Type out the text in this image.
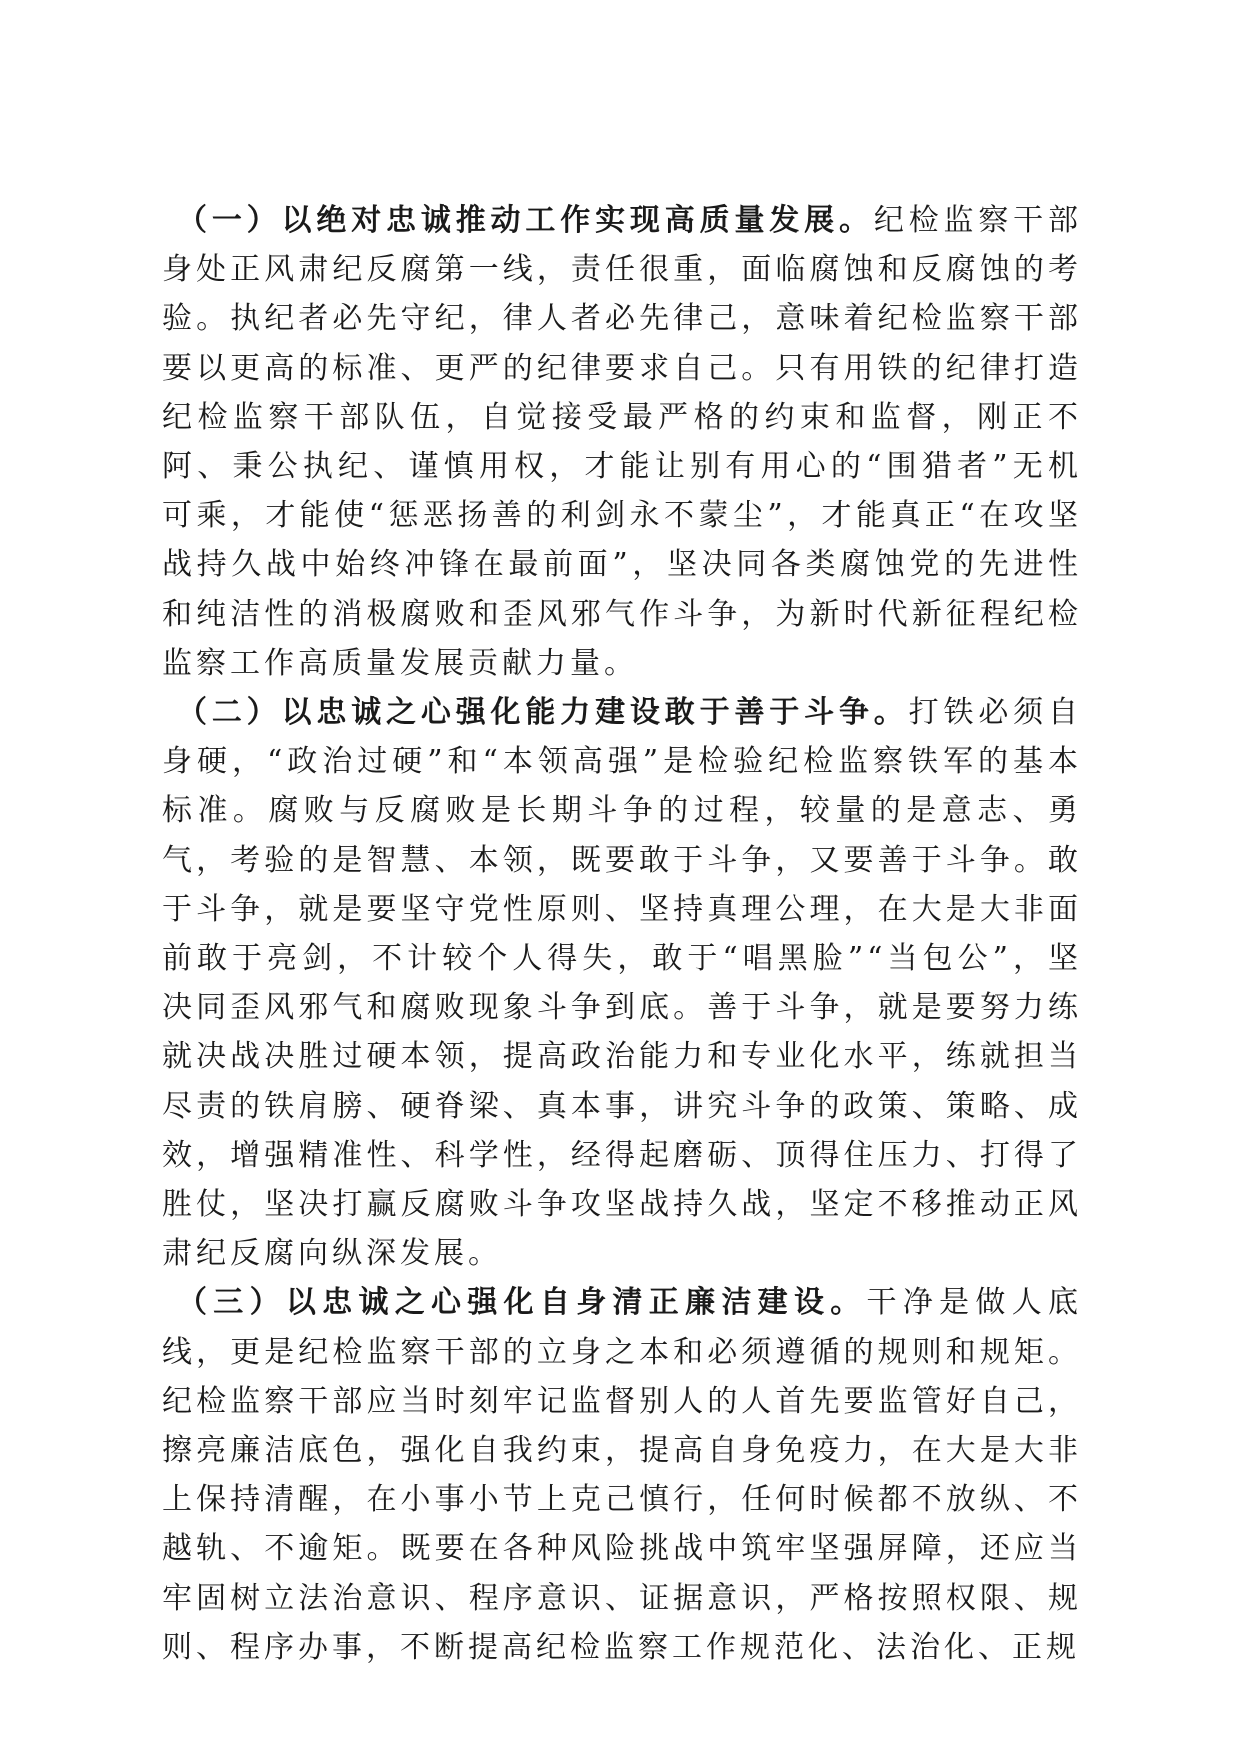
（一）以绝对忠诚推动工作实现高质量发展。纪检监察干部身处正风肃纪反腐第一线，责任很重，面临腐蚀和反腐蚀的考验。执纪者必先守纪，律人者必先律己，意味着纪检监察干部要以更高的标准、更严的纪律要求自己。只有用铁的纪律打造纪检监察干部队伍，自觉接受最严格的约束和监督，刚正不阿、秉公执纪、谨慎用权，才能让别有用心的“围猎者”无机可乘，才能使“惩恶扬善的利剑永不蒙尘”，才能真正“在攻坚战持久战中始终冲锋在最前面”，坚决同各类腐蚀党的先进性和纯洁性的消极腐败和歪风邪气作斗争，为新时代新征程纪检监察工作高质量发展贡献力量。

（二）以忠诚之心强化能力建设敢于善于斗争。打铁必须自身硬，“政治过硬”和“本领高强”是检验纪检监察铁军的基本标准。腐败与反腐败是长期斗争的过程，较量的是意志、勇气，考验的是智慧、本领，既要敢于斗争，又要善于斗争。敢于斗争，就是要坚守党性原则、坚持真理公理，在大是大非面前敢于亮剑，不计较个人得失，敢于“唱黑脸”“当包公”，坚决同歪风邪气和腐败现象斗争到底。善于斗争，就是要努力练就决战决胜过硬本领，提高政治能力和专业化水平，练就担当尽责的铁肩膀、硬脊梁、真本事，讲究斗争的政策、策略、成效，增强精准性、科学性，经得起磨砺、顶得住压力、打得了胜仗，坚决打赢反腐败斗争攻坚战持久战，坚定不移推动正风肃纪反腐向纵深发展。

（三）以忠诚之心强化自身清正廉洁建设。干净是做人底线，更是纪检监察干部的立身之本和必须遵循的规则和规矩。纪检监察干部应当时刻牢记监督别人的人首先要监管好自己，擦亮廉洁底色，强化自我约束，提高自身免疫力，在大是大非上保持清醒，在小事小节上克己慎行，任何时候都不放纵、不越轨、不逾矩。既要在各种风险挑战中筑牢坚强屏障，还应当牢固树立法治意识、程序意识、证据意识，严格按照权限、规则、程序办事，不断提高纪检监察工作规范化、法治化、正规
